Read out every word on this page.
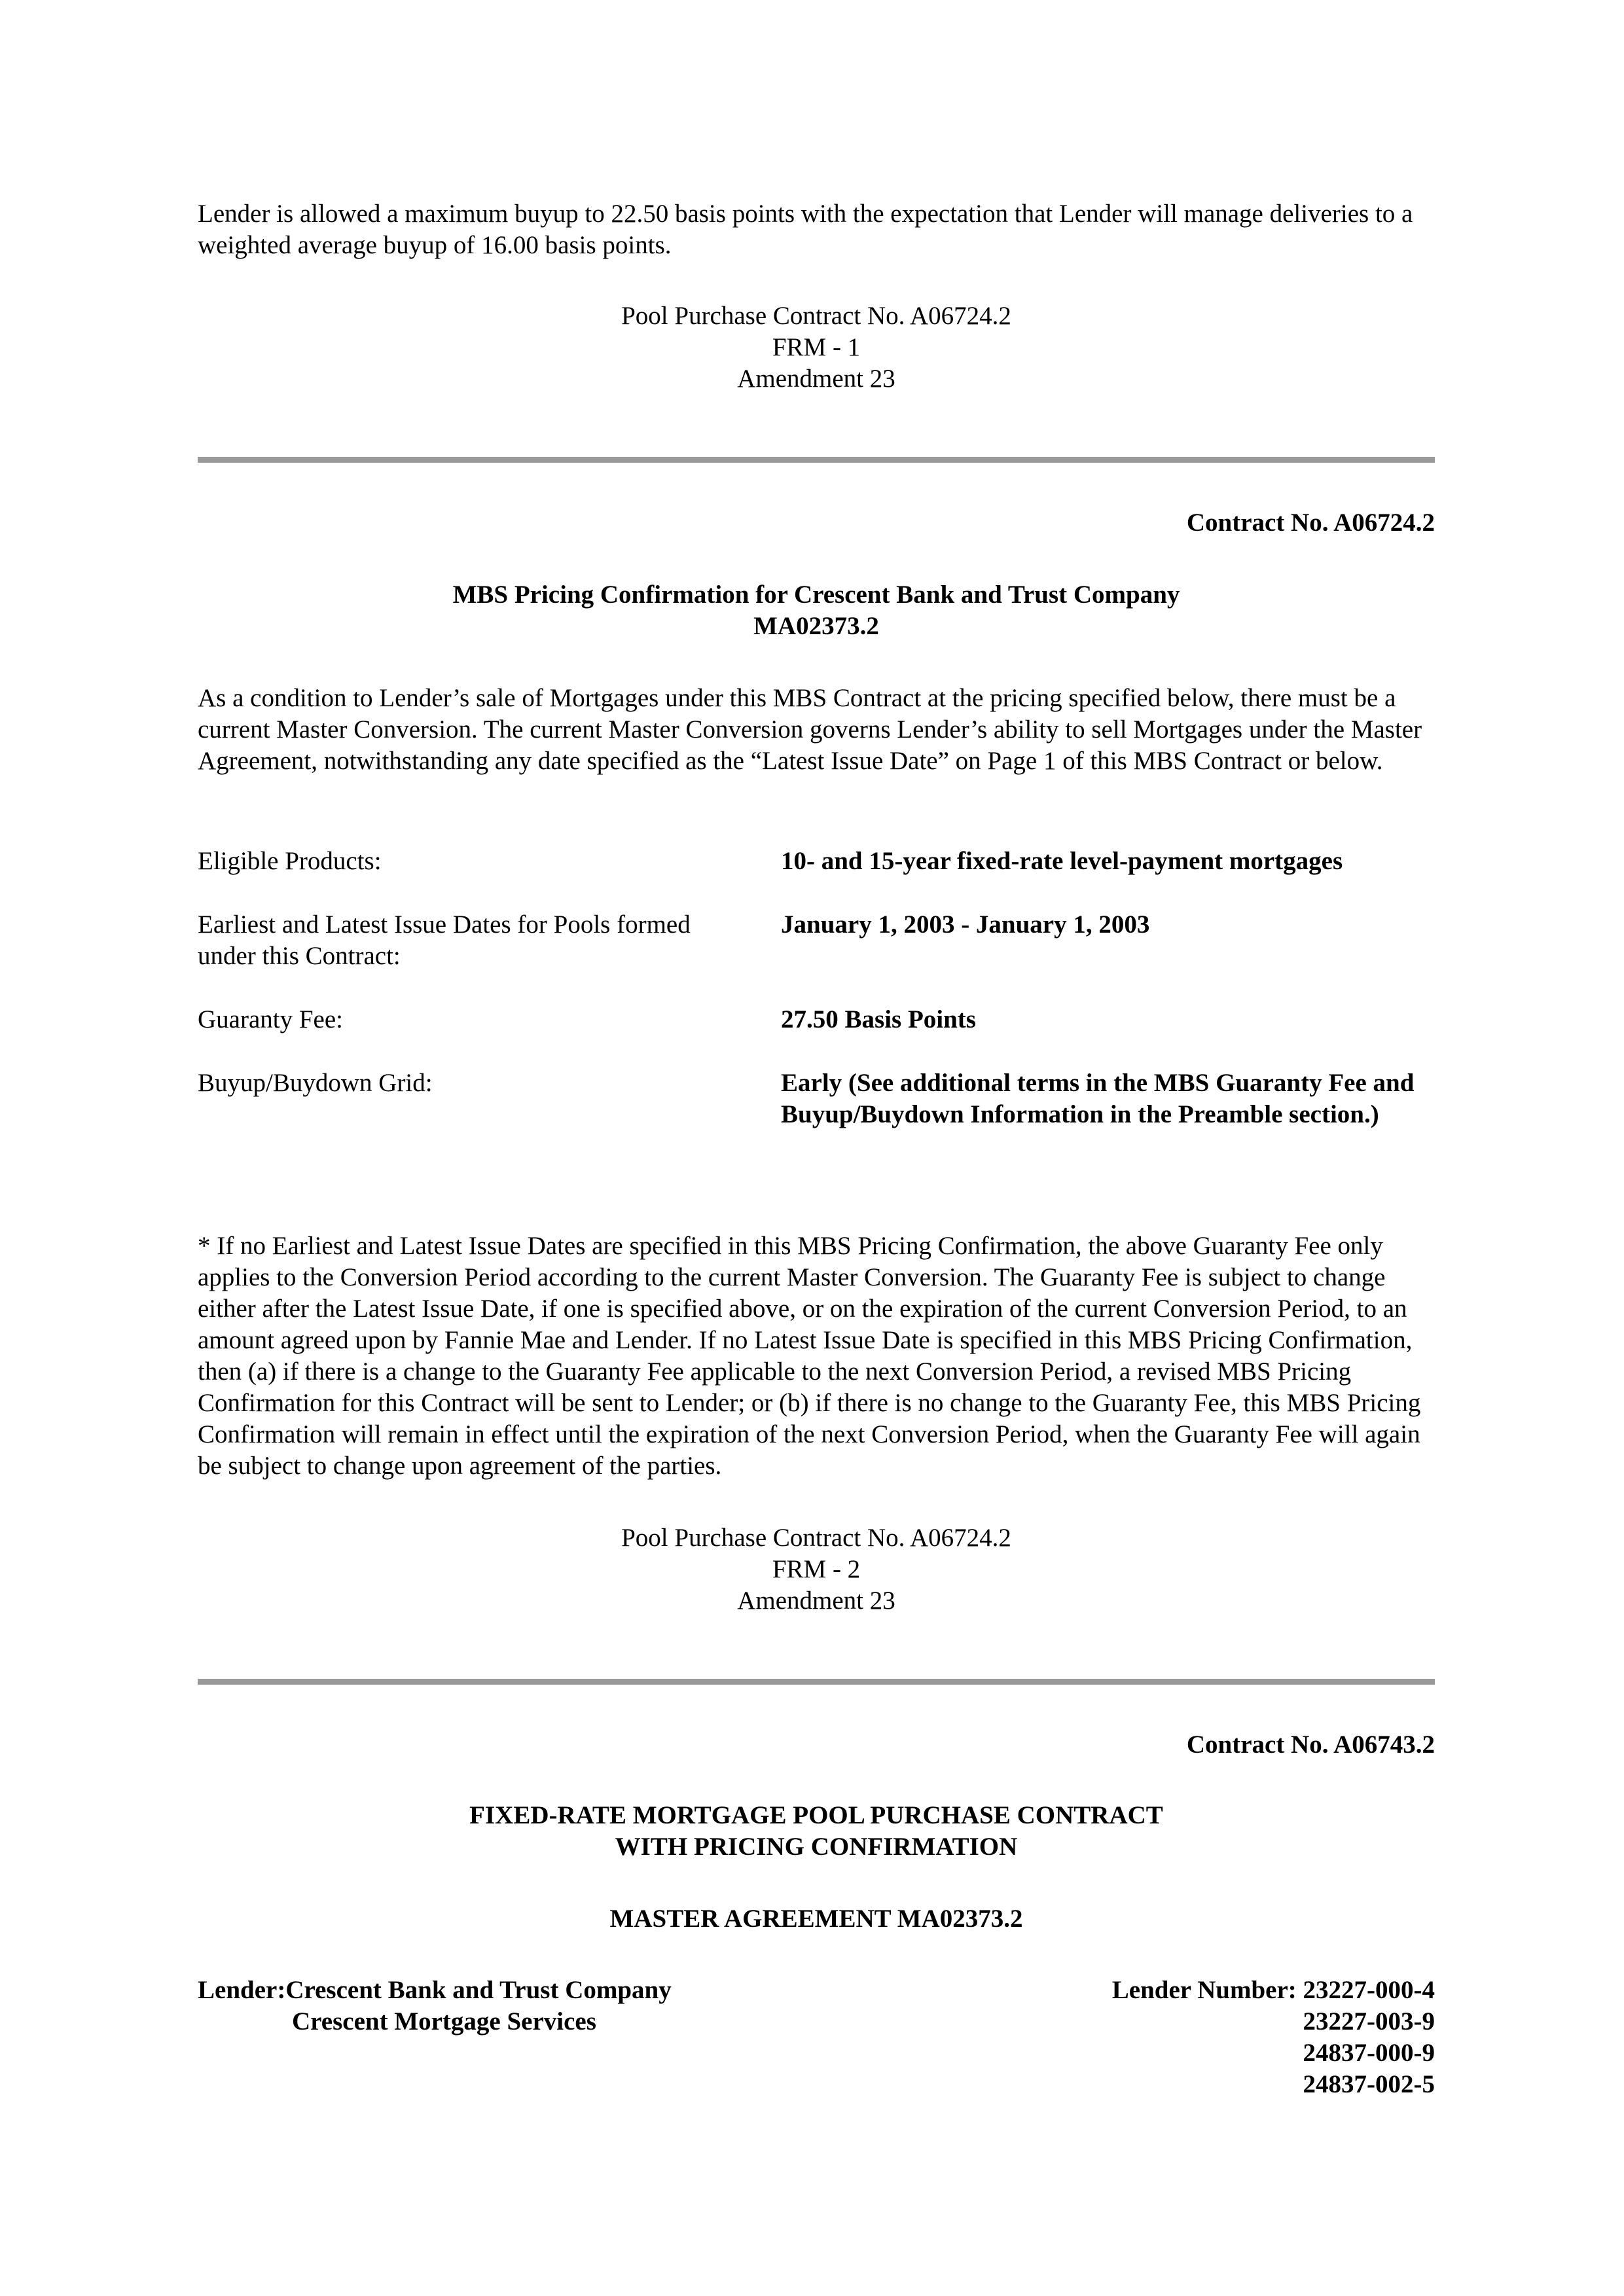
Lender is allowed a maximum buyup to 22.50 basis points with the expectation that Lender will manage deliveries to a weighted average buyup of 16.00 basis points.

Pool Purchase Contract No. A06724.2
FRM - 1
Amendment 23
Contract No. A06724.2
MBS Pricing Confirmation for Crescent Bank and Trust Company
MA02373.2

As a condition to Lender’s sale of Mortgages under this MBS Contract at the pricing specified below, there must be a current Master Conversion. The current Master Conversion governs Lender’s ability to sell Mortgages under the Master Agreement, notwithstanding any date specified as the “Latest Issue Date” on Page 1 of this MBS Contract or below.

Eligible Products:	10- and 15-year fixed-rate level-payment mortgages
Earliest and Latest Issue Dates for Pools formed under this Contract:
January 1, 2003 - January 1, 2003
Guaranty Fee:	27.50 Basis Points
Buyup/Buydown Grid:	Early (See additional terms in the MBS Guaranty Fee and Buyup/Buydown Information in the Preamble section.)

* If no Earliest and Latest Issue Dates are specified in this MBS Pricing Confirmation, the above Guaranty Fee only applies to the Conversion Period according to the current Master Conversion. The Guaranty Fee is subject to change either after the Latest Issue Date, if one is specified above, or on the expiration of the current Conversion Period, to an amount agreed upon by Fannie Mae and Lender. If no Latest Issue Date is specified in this MBS Pricing Confirmation, then (a) if there is a change to the Guaranty Fee applicable to the next Conversion Period, a revised MBS Pricing Confirmation for this Contract will be sent to Lender; or (b) if there is no change to the Guaranty Fee, this MBS Pricing Confirmation will remain in effect until the expiration of the next Conversion Period, when the Guaranty Fee will again be subject to change upon agreement of the parties.

Pool Purchase Contract No. A06724.2
FRM - 2
Amendment 23
Contract No. A06743.2
FIXED-RATE MORTGAGE POOL PURCHASE CONTRACT
WITH PRICING CONFIRMATION
MASTER AGREEMENT MA02373.2
Lender:Crescent Bank and Trust Company
Crescent Mortgage Services
Lender Number: 23227-000-4
23227-003-9
24837-000-9
24837-002-5
